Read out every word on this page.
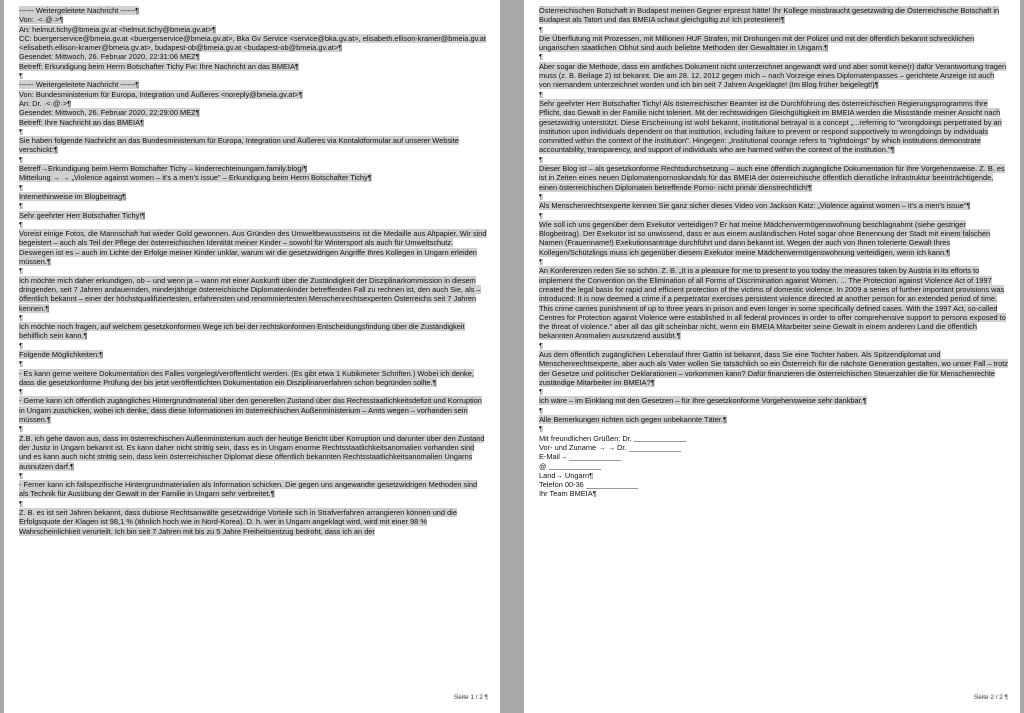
------ Weitergeleitete Nachricht ------¶

Von: ·<·@·>¶

An: helmut.tichy@bmeia.gv.at <helmut.tichy@bmeia.gv.at>¶

CC: buergerservice@bmeia.gv.at <buergerservice@bmeia.gv.at>, Bka Gv Service <service@bka.gv.at>, elisabeth.ellison-kramer@bmeia.gv.at <elisabeth.ellison-kramer@bmeia.gv.at>, budapest-ob@bmeia.gv.at <budapest-ob@bmeia.gv.at>¶

Gesendet: Mittwoch, 26. Februar 2020, 22:31:06 MEZ¶

Betreff: Erkundigung beim Herrn Botschafter Tichy Fw: Ihre Nachricht an das BMEIA¶

¶

------ Weitergeleitete Nachricht ------¶

Von: Bundesministerium für Europa, Integration und Äußeres <noreply@bmeia.gv.at>¶

An: Dr. ·<·@·>¶

Gesendet: Mittwoch, 26. Februar 2020, 22:29:00 MEZ¶

Betreff: Ihre Nachricht an das BMEIA¶

¶

Sie haben folgende Nachricht an das Bundesministerium für Europa, Integration und Äußeres via Kontaktformular auf unserer Website verschickt:¶

¶

Betreff→Erkundigung beim Herrn Botschafter Tichy – kinderrechteinungarn.family.blog/¶

Mitteilung → → „Violence against women – it's a men's issue" – Erkundigung beim Herrn Botschafter Tichy¶

¶

Internethinweise im Blogbeitrag¶

¶

Sehr geehrter Herr Botschafter Tichy!¶

¶

Voreist einige Fotos, die Mannschaft hat wieder Gold gewonnen. Aus Gründen des Umweltbewusstseins ist die Medaille aus Altpapier. Wir sind begeistert – auch als Teil der Pflege der österreichischen Identität meiner Kinder – sowohl für Wintersport als auch für Umweltschutz. Deswegen ist es – auch im Lichte der Erfolge meiner Kinder unklar, warum wir die gesetzwidrigen Angriffe Ihres Kollegen in Ungarn erleiden müssen.¶

¶

Ich möchte mich daher erkundigen, ob – und wenn ja – wann mit einer Auskunft über die Zuständigkeit der Disziplinarkommission in diesem dringenden, seit 7 Jahren andauernden, minderjährige österreichische Diplomatenkinder betreffenden Fall zu rechnen ist, den auch Sie, als – öffentlich bekannt – einer der höchstqualifiziertesten, erfahrensten und renommiertesten Menschenrechtsexperten Österreichs seit 7 Jahren kennen.¶

¶

Ich möchte noch fragen, auf welchem gesetzkonformen Wege ich bei der rechtskonformen Entscheidungsfindung über die Zuständigkeit behilflich sein kann.¶

¶

Folgende Möglichkeiten:¶

¶

- Es kann gerne weitere Dokumentation des Falles vorgelegt/veröffentlicht werden. (Es gibt etwa 1 Kubikmeter Schriften.) Wobei ich denke, dass die gesetzkonforme Prüfung der bis jetzt veröffentlichten Dokumentation ein Disziplinarverfahren schon begründen sollte.¶

¶

- Gerne kann ich öffentlich zugängliches Hintergrundmaterial über den generellen Zustand über das Rechtsstaatlichkeitsdefizit und Korruption in Ungarn zuschicken, wobei ich denke, dass diese Informationen im österreichischen Außenministerium – Amts wegen – vorhanden sein müssen.¶

¶

Z.B. ich gehe davon aus, dass im österreichischen Außenministerium auch der heutige Bericht über Korruption und darunter über den Zustand der Justiz in Ungarn bekannt ist. Es kann daher nicht strittig sein, dass es in Ungarn enorme Rechtsstaatlichkeitsanomalien vorhanden sind und es kann auch nicht strittig sein, dass kein österreichischer Diplomat diese öffentlich bekannten Rechtsstaatlichkeitsanomalien Ungarns ausnutzen darf.¶

¶

- Ferner kann ich fallspezifische Hintergrundmaterialien als Information schicken. Die gegen uns angewandte gesetzwidrigen Methoden sind als Technik für Ausübung der Gewalt in der Familie in Ungarn sehr verbreitet.¶

¶

Z. B. es ist seit Jahren bekannt, dass dubiose Rechtsanwälte gesetzwidrige Vorteile sich in Strafverfahren arrangieren können und die Erfolgsquote der Klagen ist 98,1 % (ähnlich hoch wie in Nord-Korea). D. h. wer in Ungarn angeklagt wird, wird mit einer 98 % Wahrscheinlichkeit verurteilt. Ich bin seit 7 Jahren mit bis zu 5 Jahre Freiheitsentzug bedroht, dass ich an der

Seite 1 / 2 ¶

Österreichischen Botschaft in Budapest meinen Gegner erpresst hätte! Ihr Kollege missbraucht gesetzwidrig die Österreichische Botschaft in Budapest als Tatort und das BMEIA schaut gleichgültig zu! Ich protestiere!¶

¶

Die Überflutung mit Prozessen, mit Millionen HUF Strafen, mit Drohungen mit der Polizei und mit der öffentlich bekannt schrecklichen ungarischen staatlichen Obhut sind auch beliebte Methoden der Gewalttäter in Ungarn.¶

¶

Aber sogar die Methode, dass ein amtliches Dokument nicht unterzeichnet angewandt wird und aber somit keine(r) dafür Verantwortung tragen muss (z. B. Beilage 2) ist bekannt. Die am 28. 12. 2012 gegen mich – nach Vorzeige eines Diplomatenpasses – gerichtete Anzeige ist auch von niemandem unterzeichnet worden und ich bin seit 7 Jahren Angeklagte! (Im Blog früher beigelegt!)¶

¶

Sehr geehrter Herr Botschafter Tichy! Als österreichischer Beamter ist die Durchführung des österreichischen Regierungsprogramms Ihre Pflicht, das Gewalt in der Familie nicht toleriert. Mit der rechtswidrigen Gleichgültigkeit im BMEIA werden die Missstände meiner Ansicht nach gesetzwidrig unterstützt. Diese Erscheinung ist wohl bekannt, institutional betrayal is a concept „...referring to "wrongdoings perpetrated by an institution upon individuals dependent on that institution, including failure to prevent or respond supportively to wrongdoings by individuals committed within the context of the institution". Hingegen: „Institutional courage refers to "rightdoings" by which institutions demonstrate accountability, transparency, and support of individuals who are harmed within the context of the institution."¶

¶

Dieser Blog ist – als gesetzkonforme Rechtsdurchsetzung – auch eine öffentlich zugängliche Dokumentation für Ihre Vorgehensweise. Z. B. es ist in Zeiten eines neuen Diplomatenpornoskandals für das BMEIA der österreichische öffentlich dienstliche Infrastruktur beeinträchtigende, einen österreichischen Diplomaten betreffende Porno- nicht primär dienstrechtlich!¶

¶

Als Menschenrechtsexperte kennen Sie ganz sicher dieses Video von Jackson Katz: „Violence against women – it's a men's issue"¶

¶

Wie soll ich uns gegenüber dem Exekutor verteidigen? Er hat meine Mädchenvermögenswohnung beschlagnahmt (siehe gestriger Blogbeitrag). Der Exekutor ist so unwissend, dass er aus einem ausländischen Hotel sogar ohne Benennung der Stadt mit einem falschen Namen (Frauenname!) Exekutionsanträge durchführt und dann bekannt ist. Wegen der auch von Ihnen tolerierte Gewalt Ihres Kollegen/Schützlings muss ich gegenüber diesem Exekutor meine Mädchenvermögenswohnung verteidigen, wenn ich kann.¶

¶

An Konferenzen reden Sie so schön. Z. B. „It is a pleasure for me to present to you today the measures taken by Austria in its efforts to implement the Convention on the Elimination of all Forms of Discrimination against Women. ... The Protection against Violence Act of 1997 created the legal basis for rapid and efficient protection of the victims of domestic violence. In 2009 a series of further important provisions was introduced: It is now deemed a crime if a perpetrator exercises persistent violence directed at another person for an extended period of time. This crime carries punishment of up to three years in prison and even longer in some specifically defined cases. With the 1997 Act, so-called Centres for Protection against Violence were established in all federal provinces in order to offer comprehensive support to persons exposed to the threat of violence." aber all das gilt scheinbar nicht, wenn ein BMEIA Mitarbeiter seine Gewalt in einem anderen Land die öffentlich bekannten Anomalien ausnutzend ausübt.¶

¶

Aus dem öffentlich zugänglichen Lebenslauf Ihrer Gattin ist bekannt, dass Sie eine Tochter haben. Als Spitzendiplomat und Menschenrechtsexperte, aber auch als Vater wollen Sie tatsächlich so ein Österreich für die nächste Generation gestalten, wo unser Fall – trotz der Gesetze und politischer Deklarationen – vorkommen kann? Dafür finanzieren die österreichischen Steuerzahler die für Menschenrechte zuständige Mitarbeiter im BMEIA?¶

¶

Ich wäre – im Einklang mit den Gesetzen – für Ihre gesetzkonforme Vorgehensweise sehr dankbar.¶

¶

Alle Bemerkungen richten sich gegen unbekannte Täter.¶

¶

Mit freundlichen Grüßen: Dr.

Vor- und Zuname → → Dr.

E-Mail→

@

Land→ Ungarn¶

Telefon 00-36

Ihr Team BMEIA¶

Seite 2 / 2 ¶
